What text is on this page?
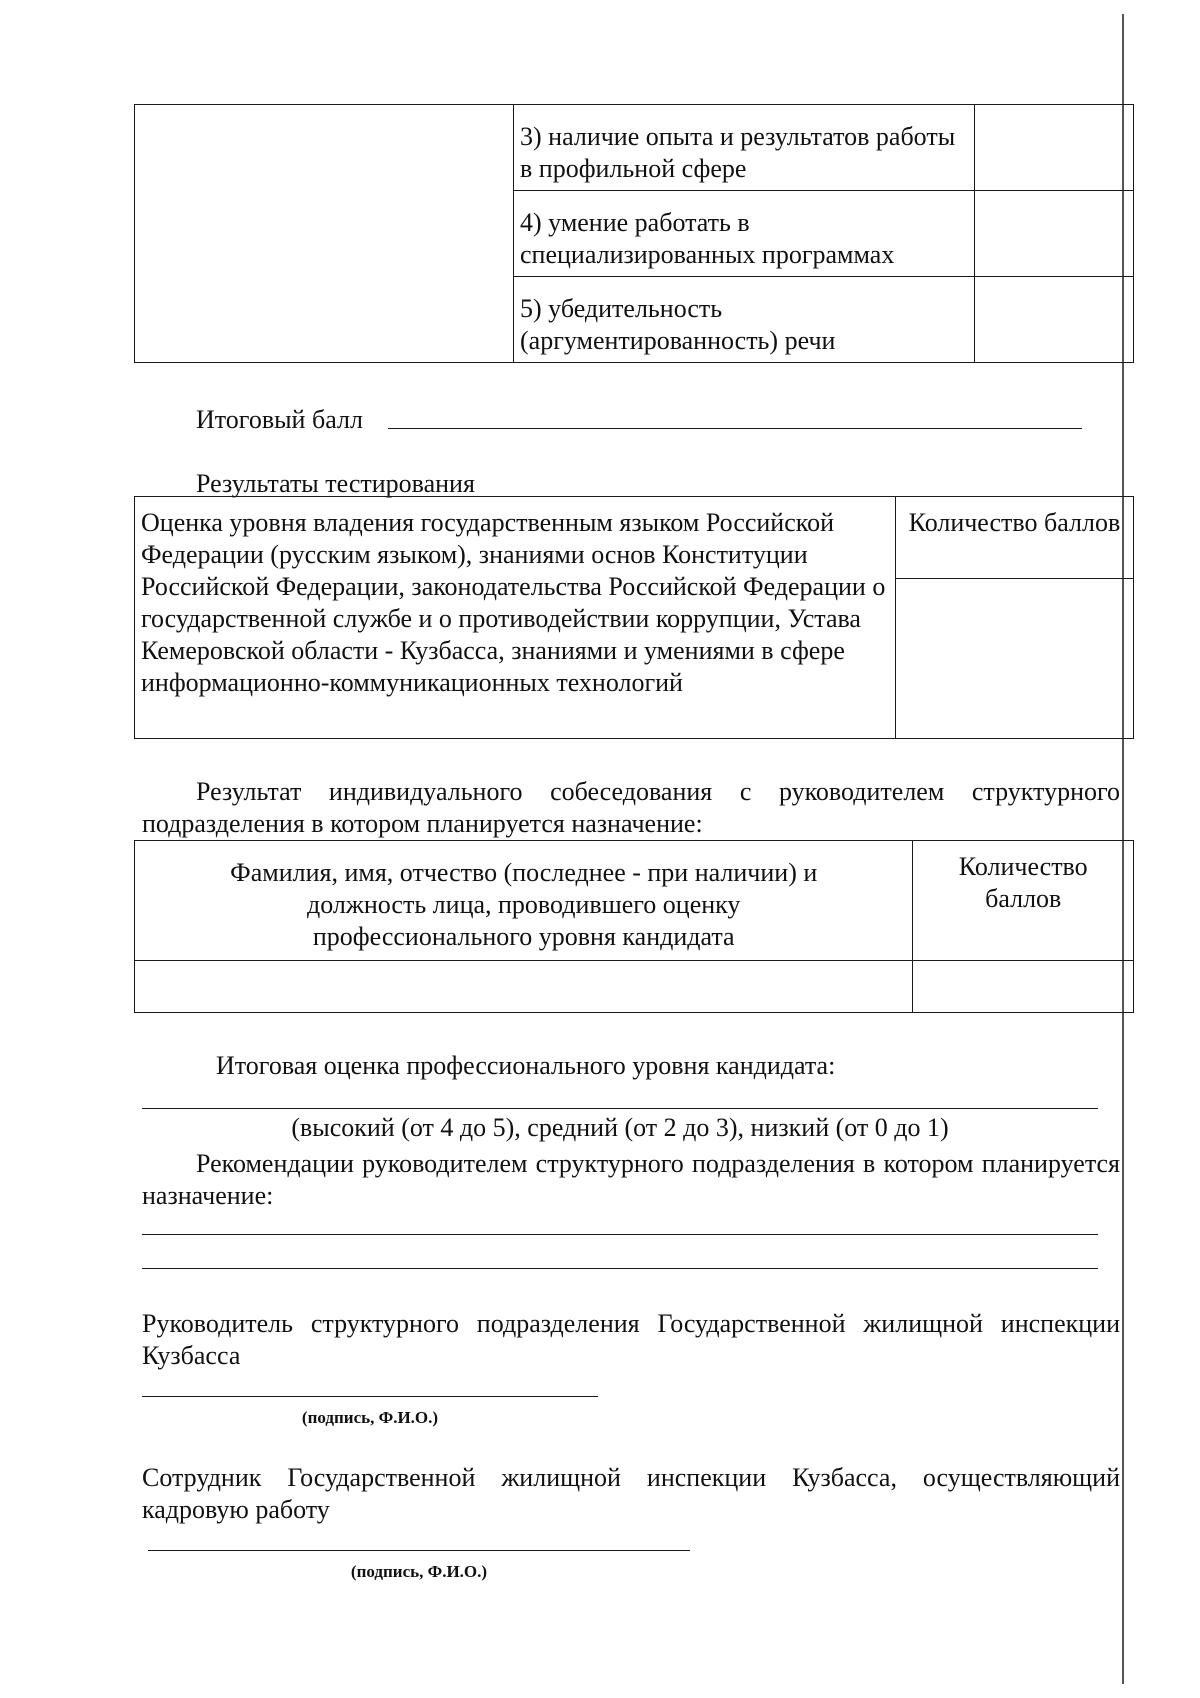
	3) наличие опыта и результатов работы в профильной сфере	
	4) умение работать в специализированных программах	
	5) убедительность (аргументированность) речи	
Итоговый балл
Результаты тестирования
Оценка уровня владения государственным языком Российской Федерации (русским языком), знаниями основ Конституции Российской Федерации, законодательства Российской Федерации о государственной службе и о противодействии коррупции, Устава Кемеровской области - Кузбасса, знаниями и умениями в сфере информационно-коммуникационных технологий	Количество баллов

Результат индивидуального собеседования с руководителем структурного подразделения в котором планируется назначение:
Фамилия, имя, отчество (последнее - при наличии) и должность лица, проводившего оценку профессионального уровня кандидата	Количество баллов

Итоговая оценка профессионального уровня кандидата:
(высокий (от 4 до 5), средний (от 2 до 3), низкий (от 0 до 1)
Рекомендации руководителем структурного подразделения в котором планируется назначение:
Руководитель структурного подразделения Государственной жилищной инспекции Кузбасса
(подпись, Ф.И.О.)
Сотрудник Государственной жилищной инспекции Кузбасса, осуществляющий кадровую работу
(подпись, Ф.И.О.)
